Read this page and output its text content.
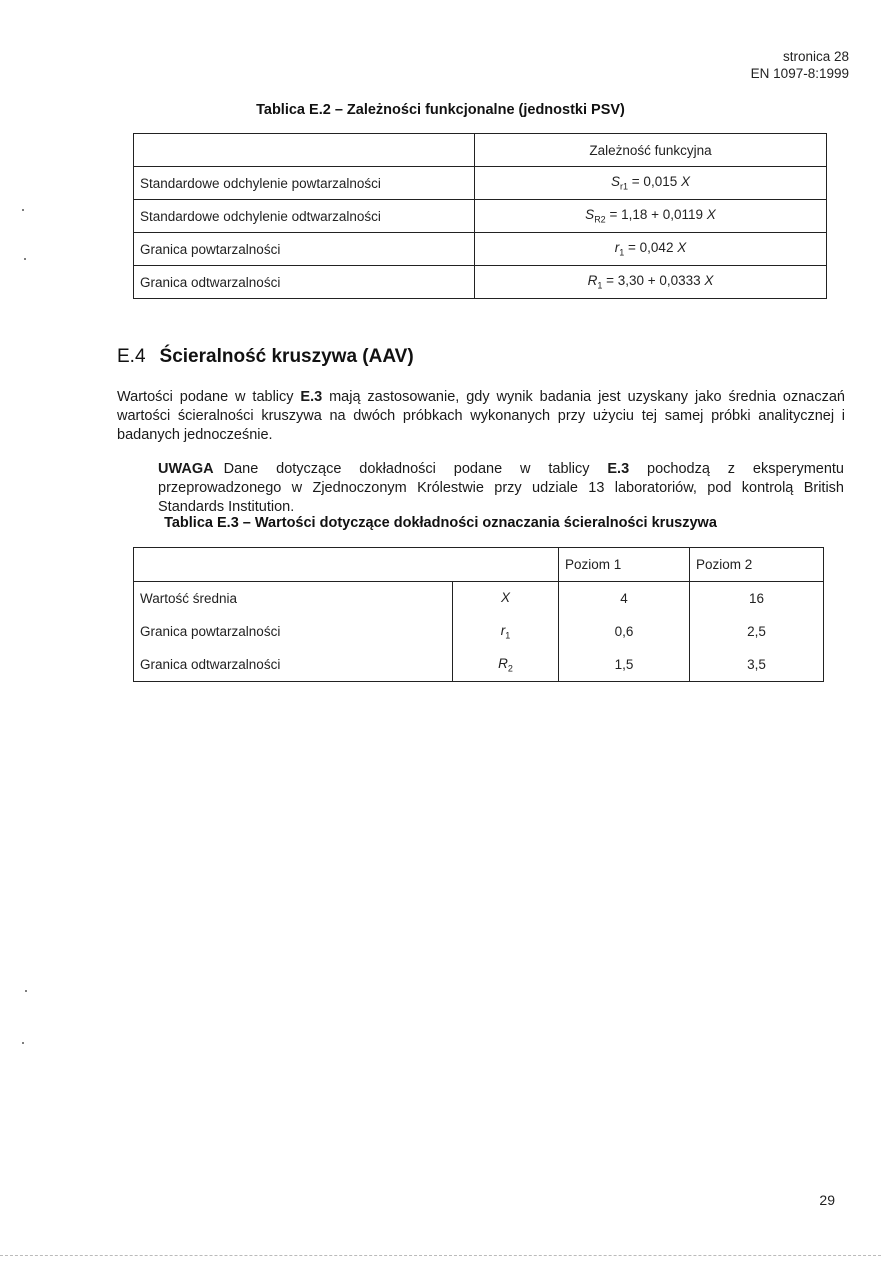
stronica 28
EN 1097-8:1999
Tablica E.2 – Zależności funkcjonalne (jednostki PSV)
	Zależność funkcyjna
Standardowe odchylenie powtarzalności	$S_{r1} = 0,015$ X
Standardowe odchylenie odtwarzalności	$S_{R2} = 1,18 + 0,0119$ X
Granica powtarzalności	$r_1 = 0,042$ X
Granica odtwarzalności	$R_1 = 3,30 + 0,0333$ X
E.4 Ścieralność kruszywa (AAV)
Wartości podane w tablicy E.3 mają zastosowanie, gdy wynik badania jest uzyskany jako średnia oznaczań wartości ścieralności kruszywa na dwóch próbkach wykonanych przy użyciu tej samej próbki analitycznej i badanych jednocześnie.
UWAGA Dane dotyczące dokładności podane w tablicy E.3 pochodzą z eksperymentu przeprowadzonego w Zjednoczonym Królestwie przy udziale 13 laboratoriów, pod kontrolą British Standards Institution.
Tablica E.3 – Wartości dotyczące dokładności oznaczania ścieralności kruszywa
		Poziom 1	Poziom 2
Wartość średnia	X	4	16
Granica powtarzalności	$r_1$	0,6	2,5
Granica odtwarzalności	$R_2$	1,5	3,5
29
